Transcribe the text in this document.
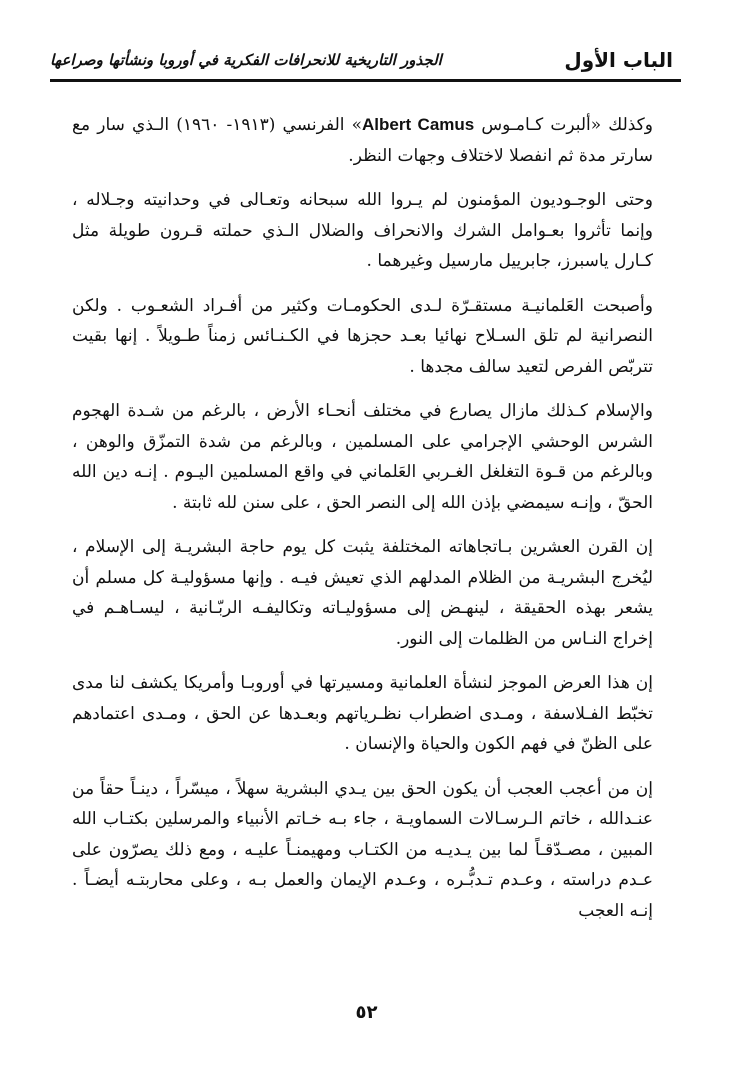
الباب الأول
الجذور التاريخية للانحرافات الفكرية في أوروبا ونشأتها وصراعها

وكذلك «ألبرت كـامـوس Albert Camus» الفرنسي (١٩١٣- ١٩٦٠) الـذي سار مع سارتر مدة ثم انفصلا لاختلاف وجهات النظر.

وحتى الوجـوديون المؤمنون لم يـروا الله سبحانه وتعـالى في وحدانيته وجـلاله ، وإنما تأثروا بعـوامل الشرك والانحراف والضلال الـذي حملته قـرون طويلة مثل كـارل ياسبرز، جابرييل مارسيل وغيرهما .

وأصبحت العَلمانيـة مستقـرّة لـدى الحكومـات وكثير من أفـراد الشعـوب . ولكن النصرانية لم تلق السـلاح نهائيا بعـد حجزها في الكـنـائس زمناً طـويلاً . إنها بقيت تتربّص الفرص لتعيد سالف مجدها .

والإسلام كـذلك مازال يصارع في مختلف أنحـاء الأرض ، بالرغم من شـدة الهجوم الشرس الوحشي الإجرامي على المسلمين ، وبالرغم من شدة التمزّق والوهن ، وبالرغم من قـوة التغلغل الغـربي العَلماني في واقع المسلمين اليـوم . إنـه دين الله الحقّ ، وإنـه سيمضي بإذن الله إلى النصر الحق ، على سنن لله ثابتة .

إن القرن العشرين بـاتجاهاته المختلفة يثبت كل يوم حاجة البشريـة إلى الإسلام ، ليُخرج البشريـة من الظلام المدلهم الذي تعيش فيـه . وإنها مسؤوليـة كل مسلم أن يشعر بهذه الحقيقة ، لينهـض إلى مسؤوليـاته وتكاليفـه الربّـانية ، ليسـاهـم في إخراج النـاس من الظلمات إلى النور.

إن هذا العرض الموجز لنشأة العلمانية ومسيرتها في أوروبـا وأمريكا يكشف لنا مدى تخبّط الفـلاسفة ، ومـدى اضطراب نظـرياتهم وبعـدها عن الحق ، ومـدى اعتمادهم على الظنّ في فهم الكون والحياة والإنسان .

إن من أعجب العجب أن يكون الحق بين يـدي البشرية سهلاً ، ميسّراً ، دينـاً حقاً من عنـدالله ، خاتم الـرسـالات السماويـة ، جاء بـه خـاتم الأنبياء والمرسلين بكتـاب الله المبين ، مصـدّقـاً لما بين يـديـه من الكتـاب ومهيمنـاً عليـه ، ومع ذلك يصرّون على عـدم دراسته ، وعـدم تـدبُّـره ، وعـدم الإيمان والعمل بـه ، وعلى محاربتـه أيضـاً . إنـه العجب

٥٢
